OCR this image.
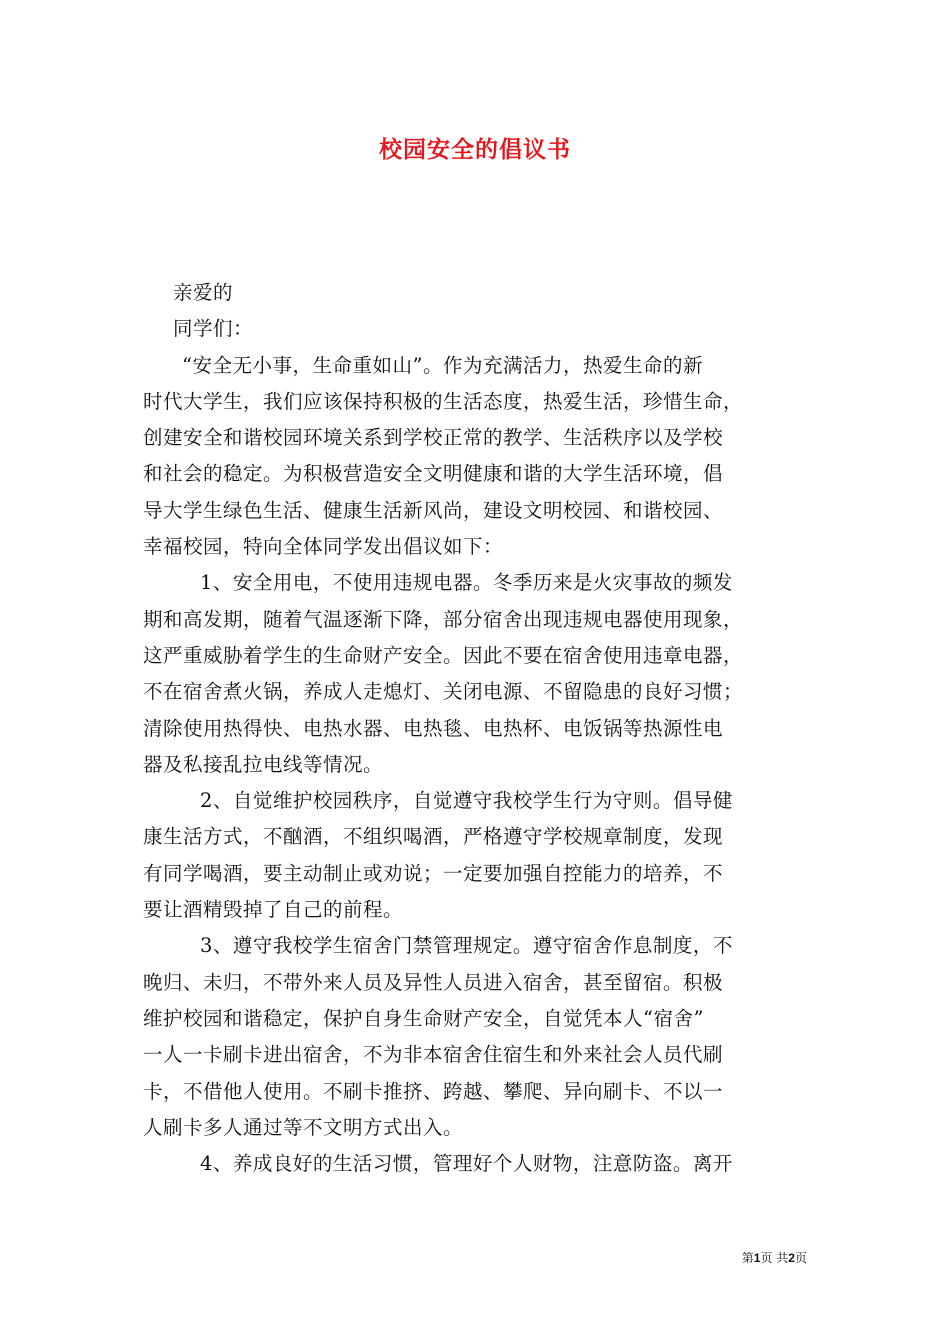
校园安全的倡议书
亲爱的
同学们：
“安全无小事，生命重如山”。作为充满活力，热爱生命的新
时代大学生，我们应该保持积极的生活态度，热爱生活，珍惜生命，
创建安全和谐校园环境关系到学校正常的教学、生活秩序以及学校
和社会的稳定。为积极营造安全文明健康和谐的大学生活环境，倡
导大学生绿色生活、健康生活新风尚，建设文明校园、和谐校园、
幸福校园，特向全体同学发出倡议如下：
1、安全用电，不使用违规电器。冬季历来是火灾事故的频发
期和高发期，随着气温逐渐下降，部分宿舍出现违规电器使用现象，
这严重威胁着学生的生命财产安全。因此不要在宿舍使用违章电器，
不在宿舍煮火锅，养成人走熄灯、关闭电源、不留隐患的良好习惯；
清除使用热得快、电热水器、电热毯、电热杯、电饭锅等热源性电
器及私接乱拉电线等情况。
2、自觉维护校园秩序，自觉遵守我校学生行为守则。倡导健
康生活方式，不酗酒，不组织喝酒，严格遵守学校规章制度，发现
有同学喝酒，要主动制止或劝说；一定要加强自控能力的培养，不
要让酒精毁掉了自己的前程。
3、遵守我校学生宿舍门禁管理规定。遵守宿舍作息制度，不
晚归、未归，不带外来人员及异性人员进入宿舍，甚至留宿。积极
维护校园和谐稳定，保护自身生命财产安全，自觉凭本人“宿舍”
一人一卡刷卡进出宿舍，不为非本宿舍住宿生和外来社会人员代刷
卡，不借他人使用。不刷卡推挤、跨越、攀爬、异向刷卡、不以一
人刷卡多人通过等不文明方式出入。
4、养成良好的生活习惯，管理好个人财物，注意防盗。离开
第1页 共2页
